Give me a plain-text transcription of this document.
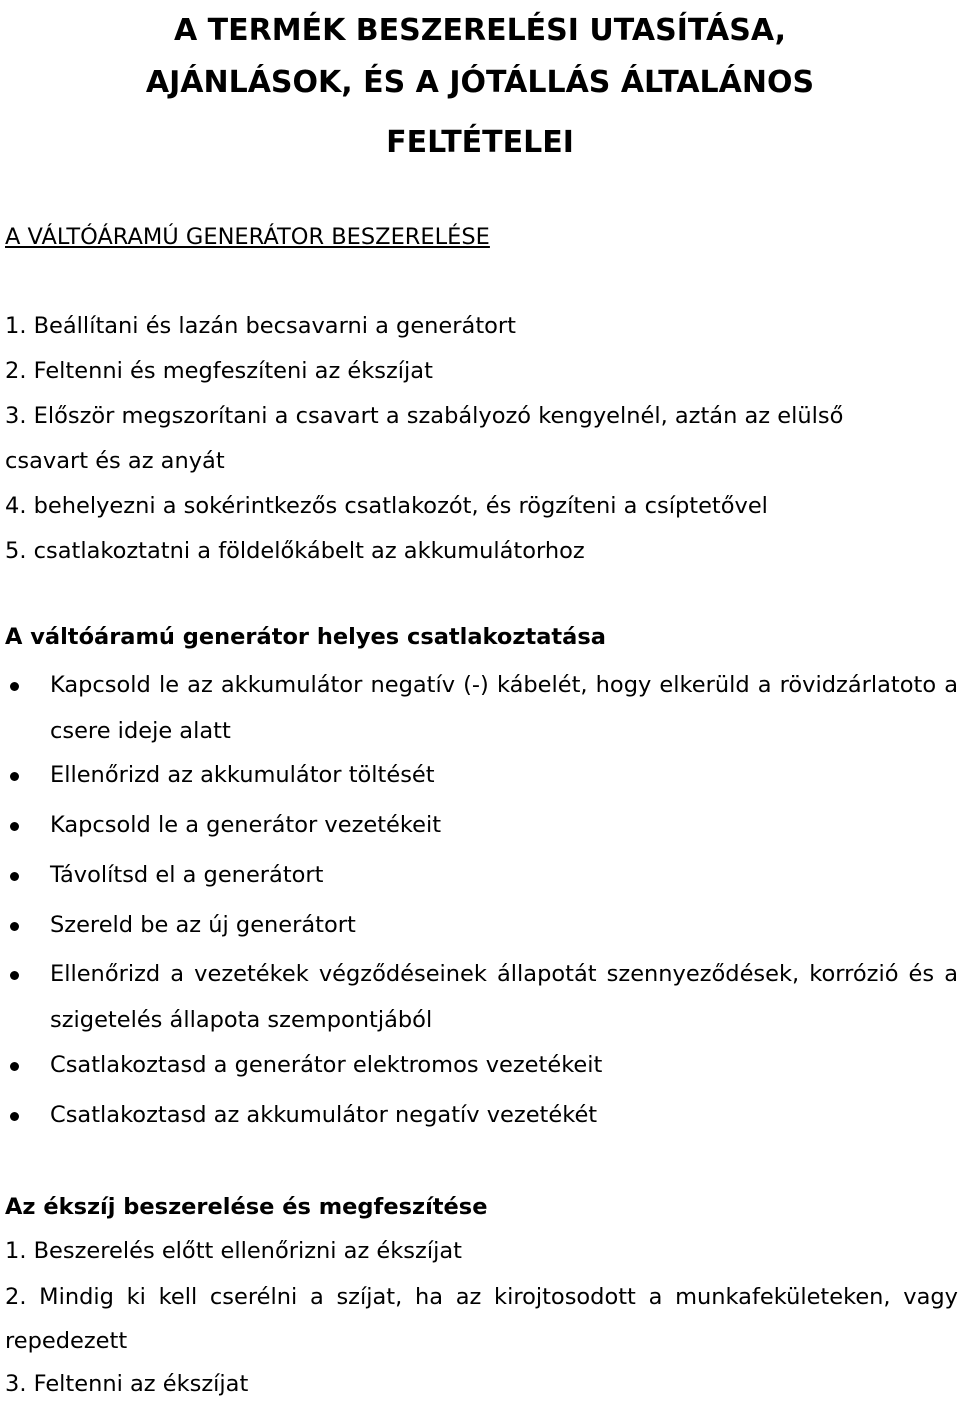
A TERMÉK BESZERELÉSI UTASÍTÁSA,
AJÁNLÁSOK, ÉS A JÓTÁLLÁS ÁLTALÁNOS
FELTÉTELEI
A VÁLTÓÁRAMÚ GENERÁTOR BESZERELÉSE
1. Beállítani és lazán becsavarni a generátort
2. Feltenni és megfeszíteni az ékszíjat
3. Először megszorítani a csavart a szabályozó kengyelnél, aztán az elülső
csavart és az anyát
4. behelyezni a sokérintkezős csatlakozót, és rögzíteni a csíptetővel
5. csatlakoztatni a földelőkábelt az akkumulátorhoz
A váltóáramú generátor helyes csatlakoztatása
Kapcsold le az akkumulátor negatív (-) kábelét, hogy elkerüld a rövidzárlatoto a csere ideje alatt
Ellenőrizd az akkumulátor töltését
Kapcsold le a generátor vezetékeit
Távolítsd el a generátort
Szereld be az új generátort
Ellenőrizd a vezetékek végződéseinek állapotát szennyeződések, korrózió és a szigetelés állapota szempontjából
Csatlakoztasd a generátor elektromos vezetékeit
Csatlakoztasd az akkumulátor negatív vezetékét
Az ékszíj beszerelése és megfeszítése
1. Beszerelés előtt ellenőrizni az ékszíjat
2. Mindig ki kell cserélni a szíjat, ha az kirojtosodott a munkafekületeken, vagy repedezett
3. Feltenni az ékszíjat
